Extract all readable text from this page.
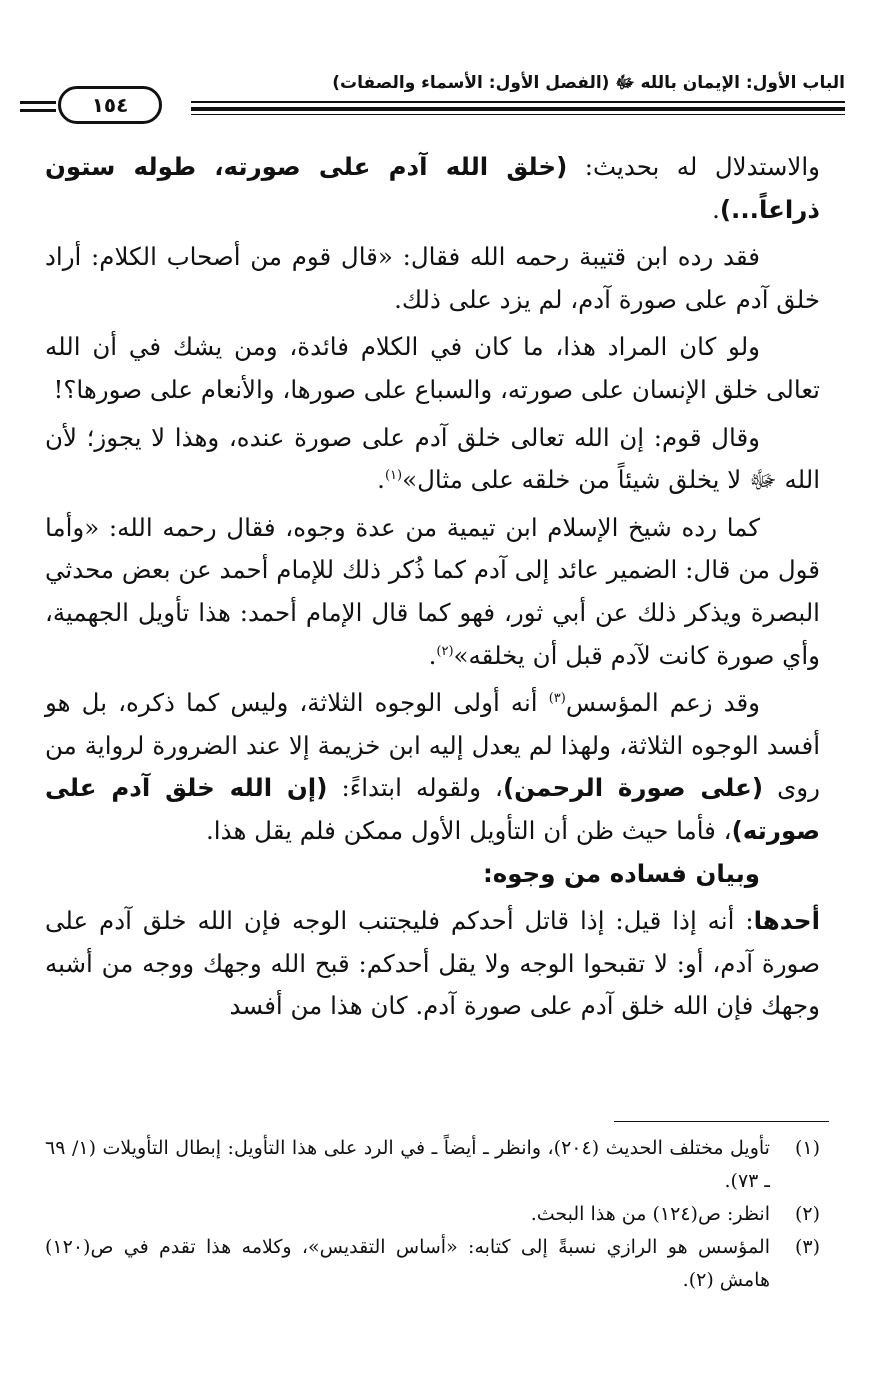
الباب الأول: الإيمان بالله ﷻ (الفصل الأول: الأسماء والصفات)
١٥٤

والاستدلال له بحديث: (خلق الله آدم على صورته، طوله ستون ذراعاً...).

فقد رده ابن قتيبة رحمه الله فقال: «قال قوم من أصحاب الكلام: أراد خلق آدم على صورة آدم، لم يزد على ذلك.

ولو كان المراد هذا، ما كان في الكلام فائدة، ومن يشك في أن الله تعالى خلق الإنسان على صورته، والسباع على صورها، والأنعام على صورها؟!

وقال قوم: إن الله تعالى خلق آدم على صورة عنده، وهذا لا يجوز؛ لأن الله ﷻ لا يخلق شيئاً من خلقه على مثال»$^{(١)}$.

كما رده شيخ الإسلام ابن تيمية من عدة وجوه، فقال رحمه الله: «وأما قول من قال: الضمير عائد إلى آدم كما ذُكر ذلك للإمام أحمد عن بعض محدثي البصرة ويذكر ذلك عن أبي ثور، فهو كما قال الإمام أحمد: هذا تأويل الجهمية، وأي صورة كانت لآدم قبل أن يخلقه»$^{(٢)}$.

وقد زعم المؤسس$^{(٣)}$ أنه أولى الوجوه الثلاثة، وليس كما ذكره، بل هو أفسد الوجوه الثلاثة، ولهذا لم يعدل إليه ابن خزيمة إلا عند الضرورة لرواية من روى (على صورة الرحمن)، ولقوله ابتداءً: (إن الله خلق آدم على صورته)، فأما حيث ظن أن التأويل الأول ممكن فلم يقل هذا.

وبيان فساده من وجوه:

أحدها: أنه إذا قيل: إذا قاتل أحدكم فليجتنب الوجه فإن الله خلق آدم على صورة آدم، أو: لا تقبحوا الوجه ولا يقل أحدكم: قبح الله وجهك ووجه من أشبه وجهك فإن الله خلق آدم على صورة آدم. كان هذا من أفسد

(١)
تأويل مختلف الحديث (٢٠٤)، وانظر ـ أيضاً ـ في الرد على هذا التأويل: إبطال التأويلات (١/ ٦٩ ـ ٧٣).

(٢)
انظر: ص(١٢٤) من هذا البحث.

(٣)
المؤسس هو الرازي نسبةً إلى كتابه: «أساس التقديس»، وكلامه هذا تقدم في ص(١٢٠) هامش (٢).
